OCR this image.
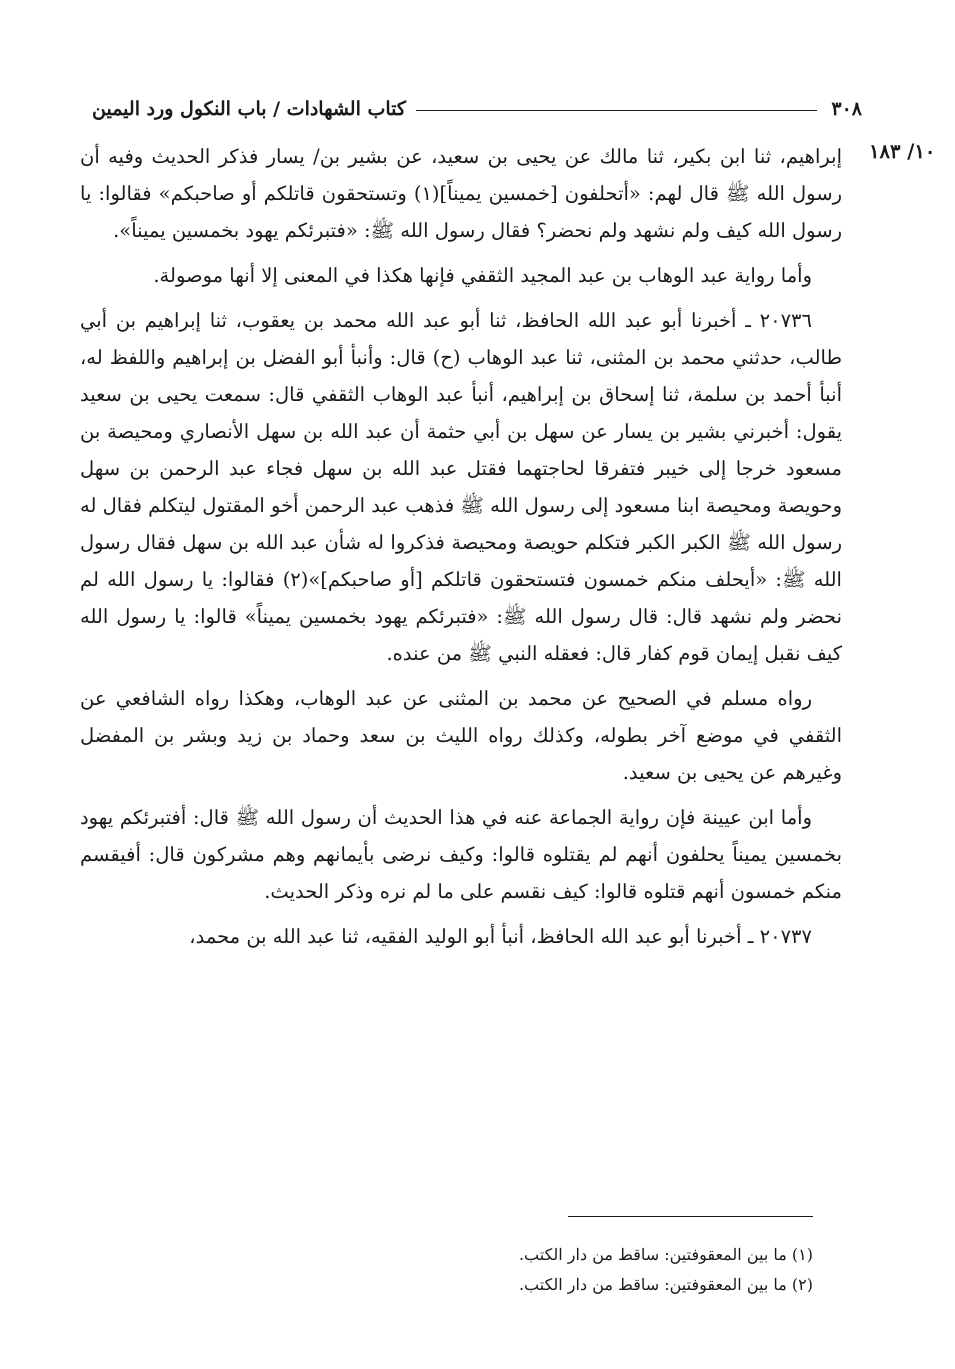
٣٠٨
كتاب الشهادات / باب النكول ورد اليمين
١٠/ ١٨٣

إبراهيم، ثنا ابن بكير، ثنا مالك عن يحيى بن سعيد، عن بشير بن/ يسار فذكر الحديث وفيه أن رسول الله ﷺ قال لهم: «أتحلفون [خمسين يميناً](١) وتستحقون قاتلكم أو صاحبكم» فقالوا: يا رسول الله كيف ولم نشهد ولم نحضر؟ فقال رسول الله ﷺ: «فتبرئكم يهود بخمسين يميناً».

وأما رواية عبد الوهاب بن عبد المجيد الثقفي فإنها هكذا في المعنى إلا أنها موصولة.

٢٠٧٣٦ ـ أخبرنا أبو عبد الله الحافظ، ثنا أبو عبد الله محمد بن يعقوب، ثنا إبراهيم بن أبي طالب، حدثني محمد بن المثنى، ثنا عبد الوهاب (ح) قال: وأنبأ أبو الفضل بن إبراهيم واللفظ له، أنبأ أحمد بن سلمة، ثنا إسحاق بن إبراهيم، أنبأ عبد الوهاب الثقفي قال: سمعت يحيى بن سعيد يقول: أخبرني بشير بن يسار عن سهل بن أبي حثمة أن عبد الله بن سهل الأنصاري ومحيصة بن مسعود خرجا إلى خيبر فتفرقا لحاجتهما فقتل عبد الله بن سهل فجاء عبد الرحمن بن سهل وحويصة ومحيصة ابنا مسعود إلى رسول الله ﷺ فذهب عبد الرحمن أخو المقتول ليتكلم فقال له رسول الله ﷺ الكبر الكبر فتكلم حويصة ومحيصة فذكروا له شأن عبد الله بن سهل فقال رسول الله ﷺ: «أيحلف منكم خمسون فتستحقون قاتلكم [أو صاحبكم]»(٢) فقالوا: يا رسول الله لم نحضر ولم نشهد قال: قال رسول الله ﷺ: «فتبرئكم يهود بخمسين يميناً» قالوا: يا رسول الله كيف نقبل إيمان قوم كفار قال: فعقله النبي ﷺ من عنده.

رواه مسلم في الصحيح عن محمد بن المثنى عن عبد الوهاب، وهكذا رواه الشافعي عن الثقفي في موضع آخر بطوله، وكذلك رواه الليث بن سعد وحماد بن زيد وبشر بن المفضل وغيرهم عن يحيى بن سعيد.

وأما ابن عيينة فإن رواية الجماعة عنه في هذا الحديث أن رسول الله ﷺ قال: أفتبرئكم يهود بخمسين يميناً يحلفون أنهم لم يقتلوه قالوا: وكيف نرضى بأيمانهم وهم مشركون قال: أفيقسم منكم خمسون أنهم قتلوه قالوا: كيف نقسم على ما لم نره وذكر الحديث.

٢٠٧٣٧ ـ أخبرنا أبو عبد الله الحافظ، أنبأ أبو الوليد الفقيه، ثنا عبد الله بن محمد،

(١) ما بين المعقوفتين: ساقط من دار الكتب.

(٢) ما بين المعقوفتين: ساقط من دار الكتب.
